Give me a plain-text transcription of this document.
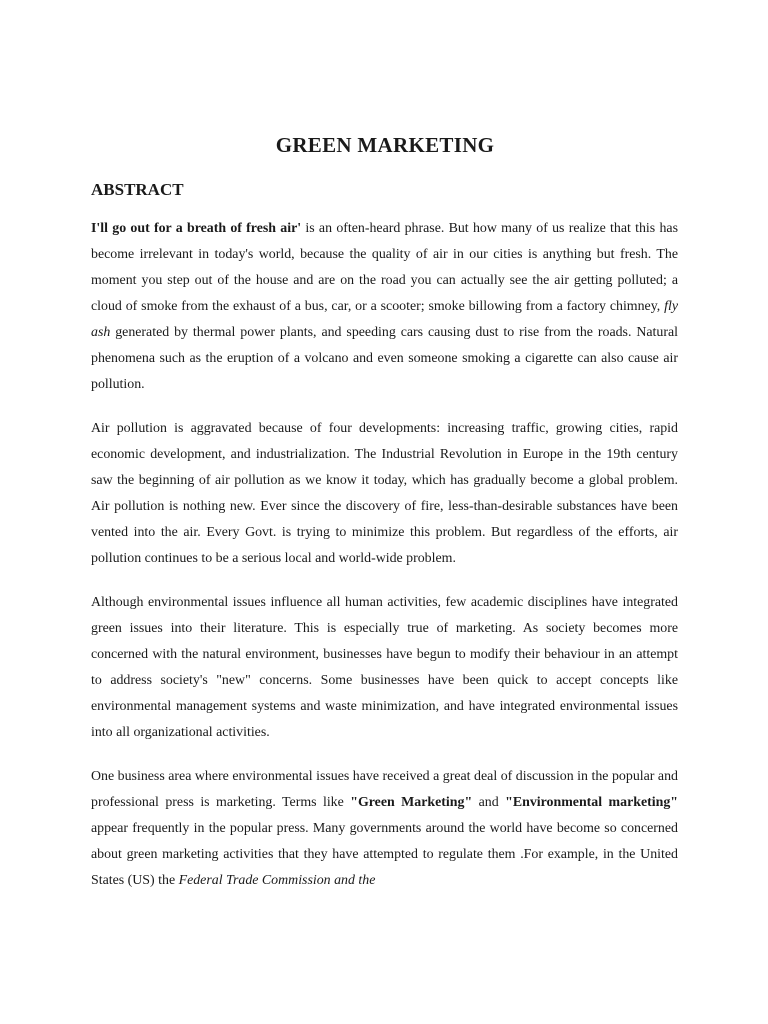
GREEN MARKETING
ABSTRACT

I'll go out for a breath of fresh air' is an often-heard phrase. But how many of us realize that this has become irrelevant in today's world, because the quality of air in our cities is anything but fresh. The moment you step out of the house and are on the road you can actually see the air getting polluted; a cloud of smoke from the exhaust of a bus, car, or a scooter; smoke billowing from a factory chimney, fly ash generated by thermal power plants, and speeding cars causing dust to rise from the roads. Natural phenomena such as the eruption of a volcano and even someone smoking a cigarette can also cause air pollution.

Air pollution is aggravated because of four developments: increasing traffic, growing cities, rapid economic development, and industrialization. The Industrial Revolution in Europe in the 19th century saw the beginning of air pollution as we know it today, which has gradually become a global problem. Air pollution is nothing new. Ever since the discovery of fire, less-than-desirable substances have been vented into the air. Every Govt. is trying to minimize this problem. But regardless of the efforts, air pollution continues to be a serious local and world-wide problem.

Although environmental issues influence all human activities, few academic disciplines have integrated green issues into their literature. This is especially true of marketing. As society becomes more concerned with the natural environment, businesses have begun to modify their behaviour in an attempt to address society's "new" concerns. Some businesses have been quick to accept concepts like environmental management systems and waste minimization, and have integrated environmental issues into all organizational activities.

One business area where environmental issues have received a great deal of discussion in the popular and professional press is marketing. Terms like "Green Marketing" and "Environmental marketing" appear frequently in the popular press. Many governments around the world have become so concerned about green marketing activities that they have attempted to regulate them .For example, in the United States (US) the Federal Trade Commission and the
